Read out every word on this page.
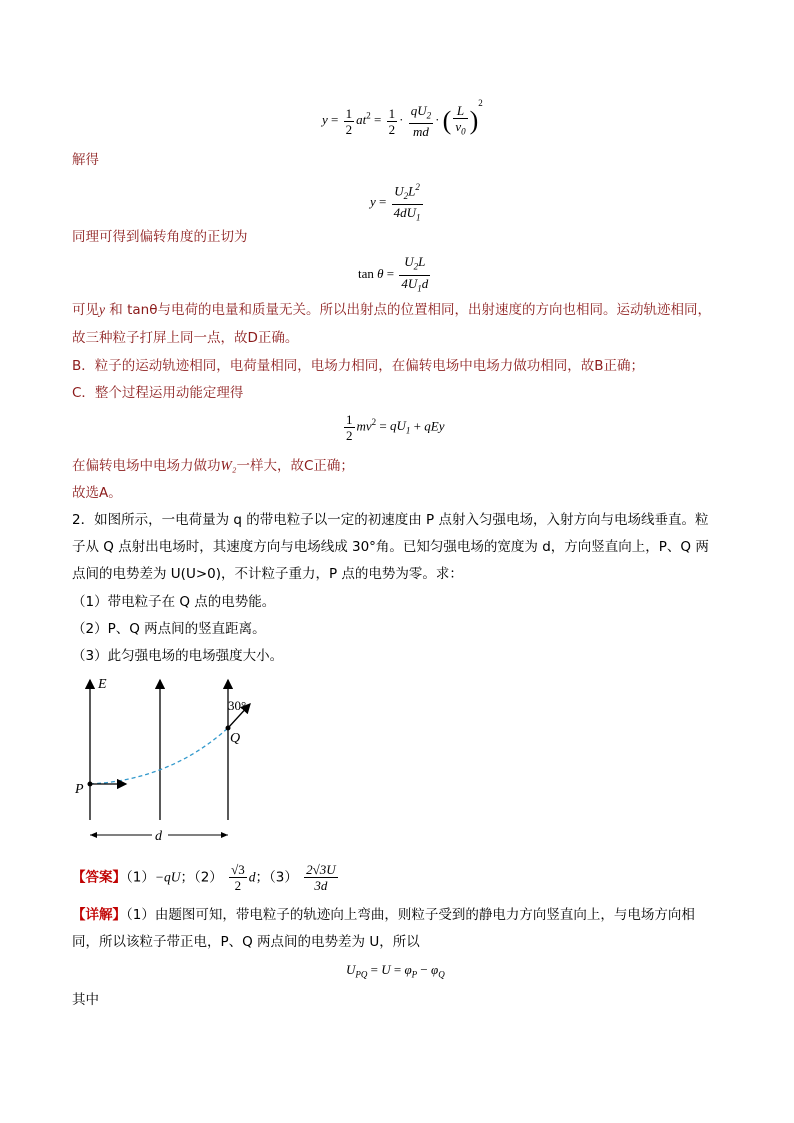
$y = \frac{1}{2} at^2 = \frac{1}{2} \cdot \frac{qU_2}{md}$ · ( $\frac{L}{v_0} )^2$
解得
$y = \frac{U_2L^2}{4dU_1}$
同理可得到偏转角度的正切为
$\tan \theta = \frac{U_2L}{4U_1d}$
可见y 和 tanθ与电荷的电量和质量无关。所以出射点的位置相同，出射速度的方向也相同。运动轨迹相同，
故三种粒子打屏上同一点，故D正确。
B．粒子的运动轨迹相同，电荷量相同，电场力相同，在偏转电场中电场力做功相同，故B正确；
C．整个过程运用动能定理得
$\frac{1}{2} mv^2 = qU_1$ + qEy
在偏转电场中电场力做功W₂一样大，故C正确；
故选A。
2．如图所示，一电荷量为 q 的带电粒子以一定的初速度由 P 点射入匀强电场，入射方向与电场线垂直。粒
子从 Q 点射出电场时，其速度方向与电场线成 30°角。已知匀强电场的宽度为 d，方向竖直向上，P、Q 两
点间的电势差为 U(U>0)，不计粒子重力，P 点的电势为零。求：
（1）带电粒子在 Q 点的电势能。
（2）P、Q 两点间的竖直距离。
（3）此匀强电场的电场强度大小。
E
P
Q
d
30°
【答案】（1）−qU；$(2) \frac{√3}{2}$ d；$(3) \frac{2√3U}{3d}$
【详解】（1）由题图可知，带电粒子的轨迹向上弯曲，则粒子受到的静电力方向竖直向上，与电场方向相
同，所以该粒子带正电，P、Q 两点间的电势差为 U，所以
$U_{PQ} = U = \varphi_P - \varphi_Q$
其中
